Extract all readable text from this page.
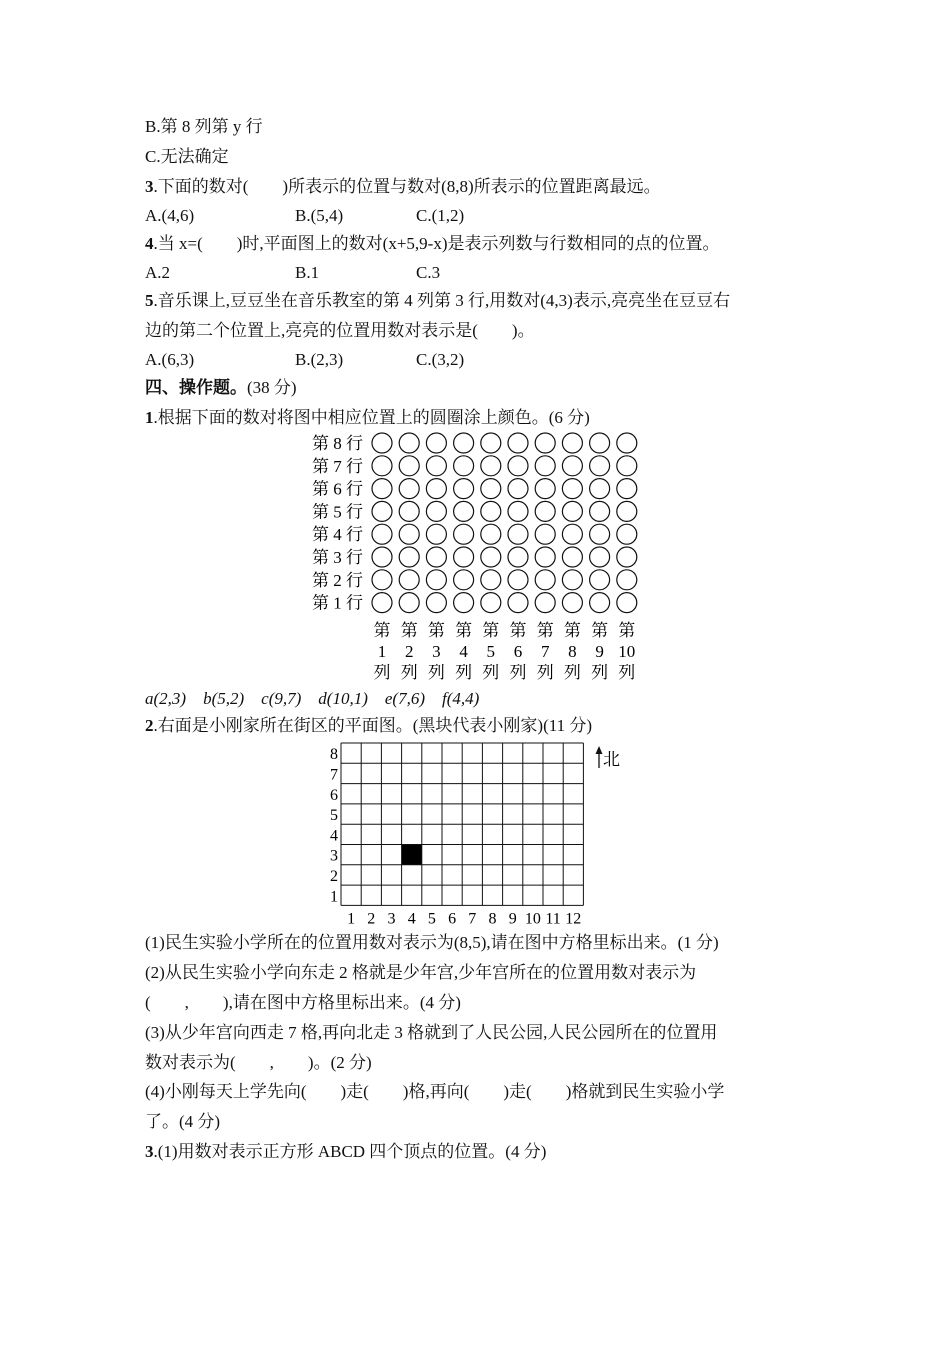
B.第 8 列第 y 行
C.无法确定
3.下面的数对(　　)所表示的位置与数对(8,8)所表示的位置距离最远。
A.(4,6)	B.(5,4)	C.(1,2)
4.当 x=(　　)时,平面图上的数对(x+5,9-x)是表示列数与行数相同的点的位置。
A.2	B.1	C.3
5.音乐课上,豆豆坐在音乐教室的第 4 列第 3 行,用数对(4,3)表示,亮亮坐在豆豆右
边的第二个位置上,亮亮的位置用数对表示是(　　)。
A.(6,3)	B.(2,3)	C.(3,2)
四、操作题。(38 分)
1.根据下面的数对将图中相应位置上的圆圈涂上颜色。(6 分)
第 8 行
第 7 行
第 6 行
第 5 行
第 4 行
第 3 行
第 2 行
第 1 行
第
1
列
第
2
列
第
3
列
第
4
列
第
5
列
第
6
列
第
7
列
第
8
列
第
9
列
第
10
列
a(2,3) b(5,2) c(9,7) d(10,1) e(7,6) f(4,4)
2.右面是小刚家所在街区的平面图。(黑块代表小刚家)(11 分)
8
7
6
5
4
3
2
1
1 2 3 4 5 6 7 8 9 10 11 12
北
(1)民生实验小学所在的位置用数对表示为(8,5),请在图中方格里标出来。(1 分)
(2)从民生实验小学向东走 2 格就是少年宫,少年宫所在的位置用数对表示为
(　　,　　),请在图中方格里标出来。(4 分)
(3)从少年宫向西走 7 格,再向北走 3 格就到了人民公园,人民公园所在的位置用
数对表示为(　　,　　)。(2 分)
(4)小刚每天上学先向(　　)走(　　)格,再向(　　)走(　　)格就到民生实验小学
了。(4 分)
3.(1)用数对表示正方形 ABCD 四个顶点的位置。(4 分)
